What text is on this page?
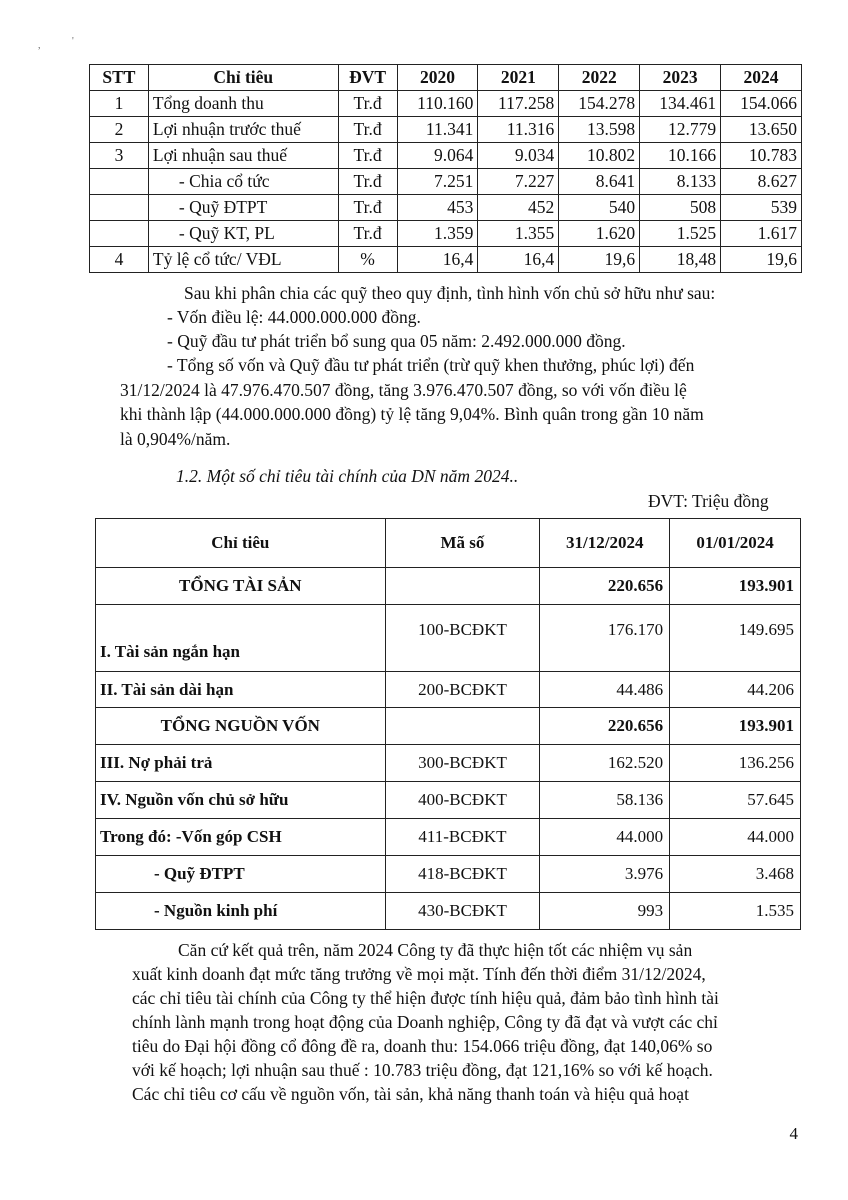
,	'
STT	Chỉ tiêu	ĐVT	2020	2021	2022	2023	2024
1	Tổng doanh thu	Tr.đ	110.160	117.258	154.278	134.461	154.066
2	Lợi nhuận trước thuế	Tr.đ	11.341	11.316	13.598	12.779	13.650
3	Lợi nhuận sau thuế	Tr.đ	9.064	9.034	10.802	10.166	10.783
	- Chia cổ tức	Tr.đ	7.251	7.227	8.641	8.133	8.627
	- Quỹ ĐTPT	Tr.đ	453	452	540	508	539
	- Quỹ KT, PL	Tr.đ	1.359	1.355	1.620	1.525	1.617
4	Tỷ lệ cổ tức/ VĐL	%	16,4	16,4	19,6	18,48	19,6
Sau khi phân chia các quỹ theo quy định, tình hình vốn chủ sở hữu như sau:
- Vốn điều lệ: 44.000.000.000 đồng.
- Quỹ đầu tư phát triển bổ sung qua 05 năm: 2.492.000.000 đồng.
- Tổng số vốn và Quỹ đầu tư phát triển (trừ quỹ khen thưởng, phúc lợi) đến
31/12/2024 là 47.976.470.507 đồng, tăng 3.976.470.507 đồng, so với vốn điều lệ
khi thành lập (44.000.000.000 đồng) tỷ lệ tăng 9,04%. Bình quân trong gần 10 năm
là 0,904%/năm.
1.2. Một số chỉ tiêu tài chính của DN năm 2024..
ĐVT: Triệu đồng
Chỉ tiêu	Mã số	31/12/2024	01/01/2024
TỔNG TÀI SẢN		220.656	193.901
I. Tài sản ngắn hạn	100-BCĐKT	176.170	149.695
II. Tài sản dài hạn	200-BCĐKT	44.486	44.206
TỔNG NGUỒN VỐN		220.656	193.901
III. Nợ phải trả	300-BCĐKT	162.520	136.256
IV. Nguồn vốn chủ sở hữu	400-BCĐKT	58.136	57.645
Trong đó: -Vốn góp CSH	411-BCĐKT	44.000	44.000
- Quỹ ĐTPT	418-BCĐKT	3.976	3.468
- Nguồn kinh phí	430-BCĐKT	993	1.535
Căn cứ kết quả trên, năm 2024 Công ty đã thực hiện tốt các nhiệm vụ sản
xuất kinh doanh đạt mức tăng trưởng về mọi mặt. Tính đến thời điểm 31/12/2024,
các chỉ tiêu tài chính của Công ty thể hiện được tính hiệu quả, đảm bảo tình hình tài
chính lành mạnh trong hoạt động của Doanh nghiệp, Công ty đã đạt và vượt các chỉ
tiêu do Đại hội đồng cổ đông đề ra, doanh thu: 154.066 triệu đồng, đạt 140,06% so
với kế hoạch; lợi nhuận sau thuế : 10.783 triệu đồng, đạt 121,16% so với kế hoạch.
Các chỉ tiêu cơ cấu về nguồn vốn, tài sản, khả năng thanh toán và hiệu quả hoạt
4
